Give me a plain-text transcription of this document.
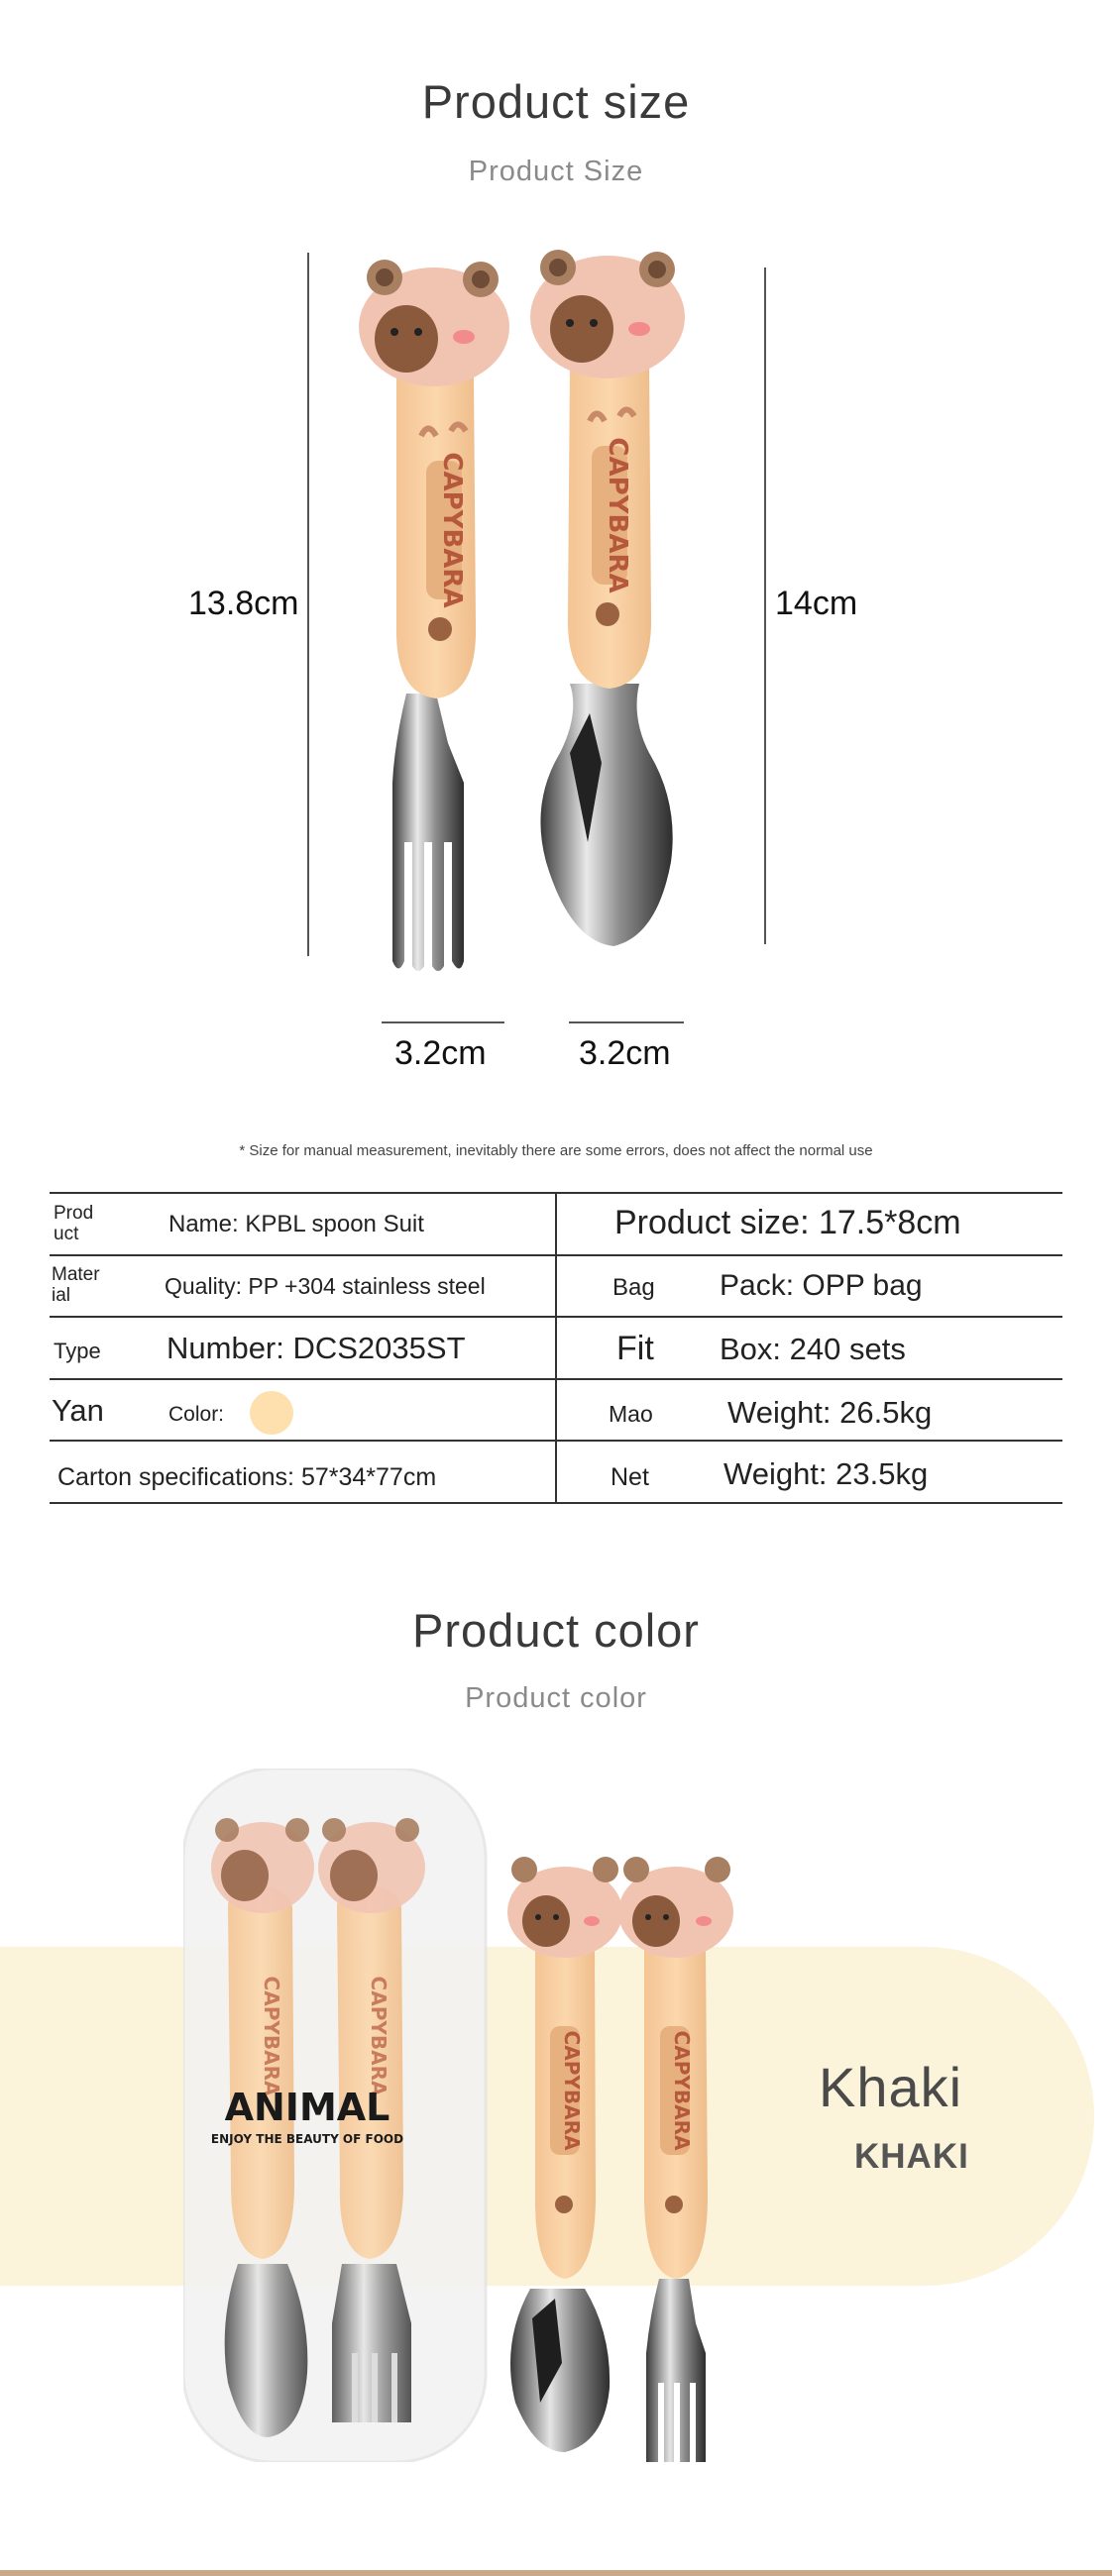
Product size
Product Size
13.8cm	14cm
3.2cm	3.2cm
CAPYBARA	CAPYBARA
* Size for manual measurement, inevitably there are some errors, does not affect the normal use
Prod
uct	Name: KPBL spoon Suit	Product size: 17.5*8cm
Mater
ial	Quality: PP +304 stainless steel	Bag Pack: OPP bag
Type Number: DCS2035ST	Fit Box: 240 sets
Yan	Color:	Mao Weight: 26.5kg
Carton specifications: 57*34*77cm	Net Weight: 23.5kg
Product color
Product color
Khaki
KHAKI
CAPYBARA	CAPYBARA
ANIMAL
ENJOY THE BEAUTY OF FOOD	CAPYBARA	CAPYBARA
